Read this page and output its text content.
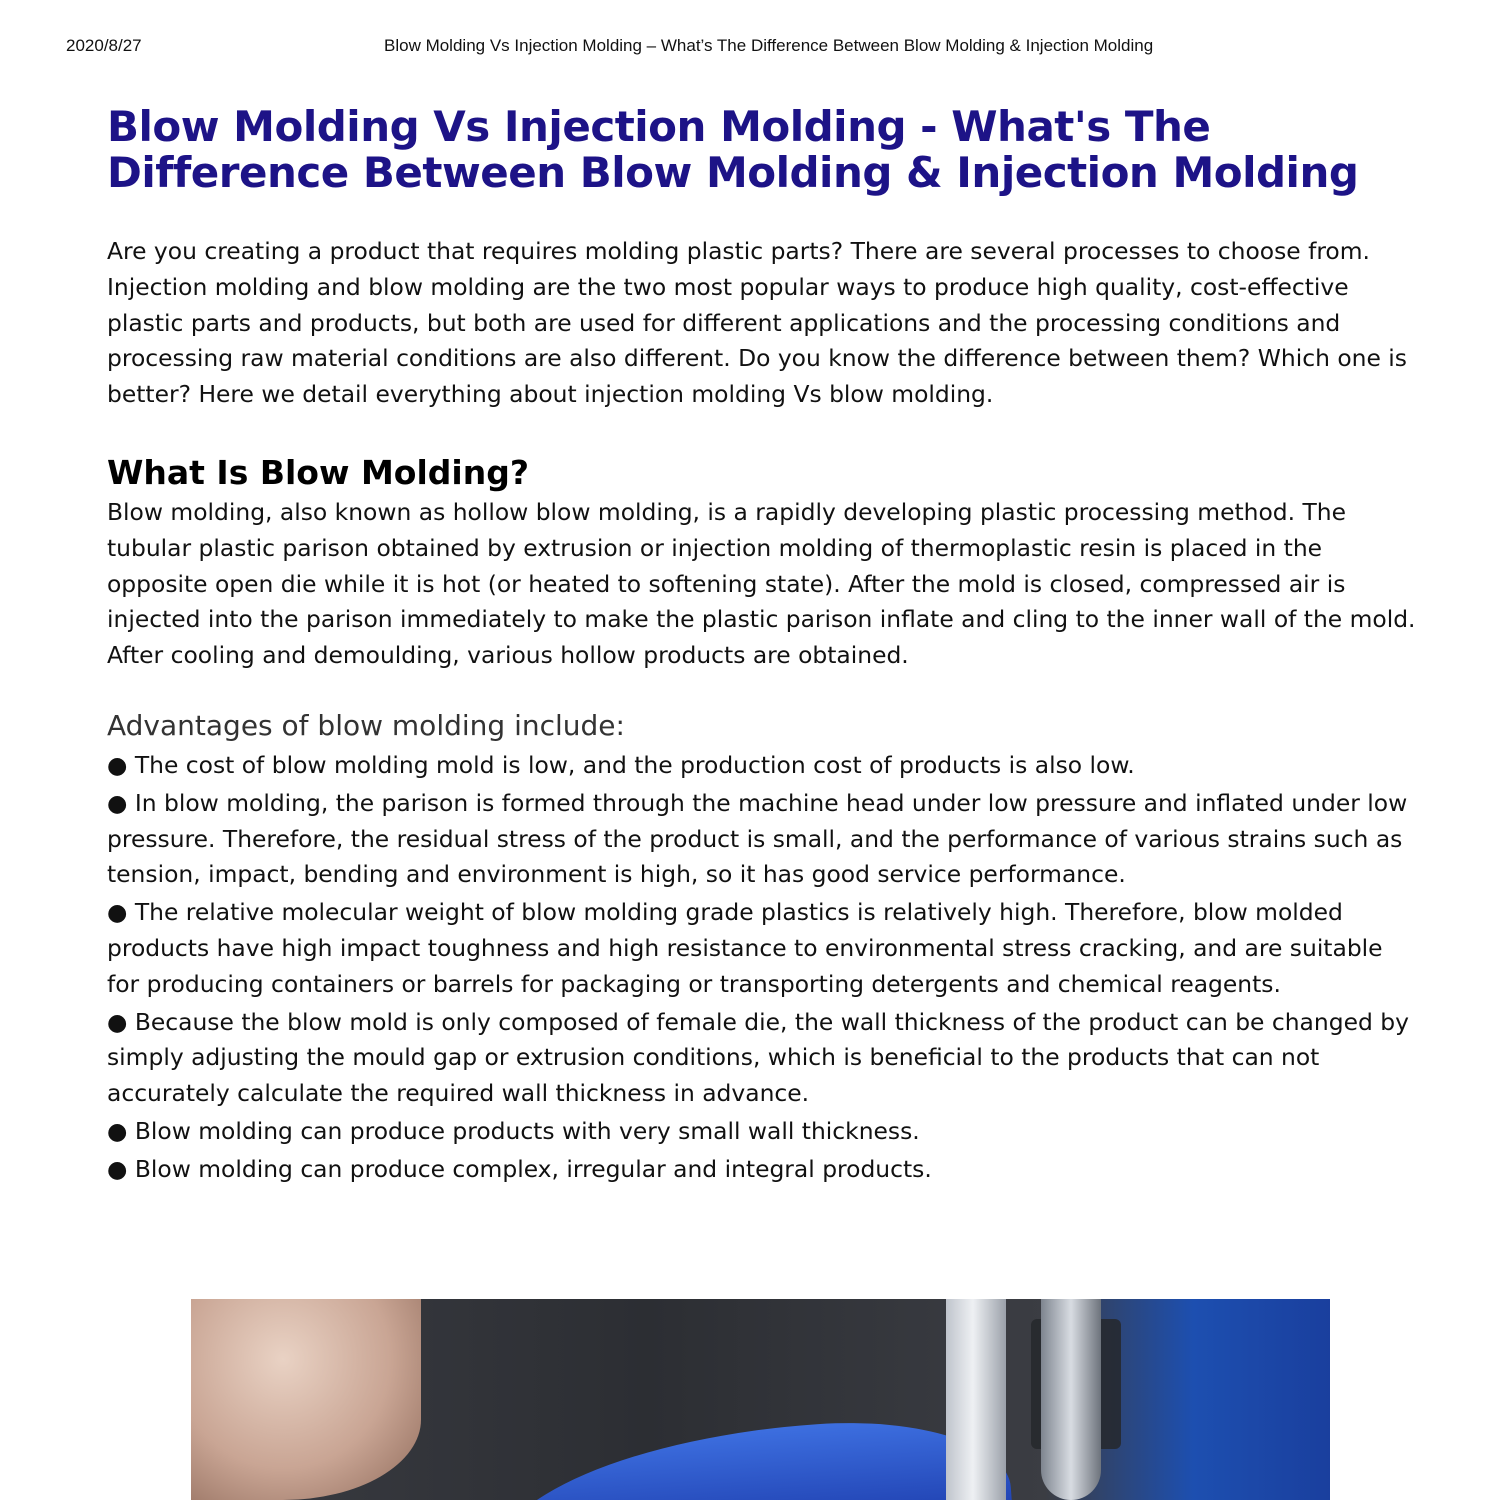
2020/8/27	Blow Molding Vs Injection Molding – What’s The Difference Between Blow Molding & Injection Molding
Blow Molding Vs Injection Molding - What's The Difference Between Blow Molding & Injection Molding

Are you creating a product that requires molding plastic parts? There are several processes to choose from. Injection molding and blow molding are the two most popular ways to produce high quality, cost-effective plastic parts and products, but both are used for different applications and the processing conditions and processing raw material conditions are also different. Do you know the difference between them? Which one is better? Here we detail everything about injection molding Vs blow molding.

What Is Blow Molding?

Blow molding, also known as hollow blow molding, is a rapidly developing plastic processing method. The tubular plastic parison obtained by extrusion or injection molding of thermoplastic resin is placed in the opposite open die while it is hot (or heated to softening state). After the mold is closed, compressed air is injected into the parison immediately to make the plastic parison inflate and cling to the inner wall of the mold. After cooling and demoulding, various hollow products are obtained.

Advantages of blow molding include:
● The cost of blow molding mold is low, and the production cost of products is also low.
● In blow molding, the parison is formed through the machine head under low pressure and inflated under low pressure. Therefore, the residual stress of the product is small, and the performance of various strains such as tension, impact, bending and environment is high, so it has good service performance.
● The relative molecular weight of blow molding grade plastics is relatively high. Therefore, blow molded products have high impact toughness and high resistance to environmental stress cracking, and are suitable for producing containers or barrels for packaging or transporting detergents and chemical reagents.
● Because the blow mold is only composed of female die, the wall thickness of the product can be changed by simply adjusting the mould gap or extrusion conditions, which is beneficial to the products that can not accurately calculate the required wall thickness in advance.
● Blow molding can produce products with very small wall thickness.
● Blow molding can produce complex, irregular and integral products.
